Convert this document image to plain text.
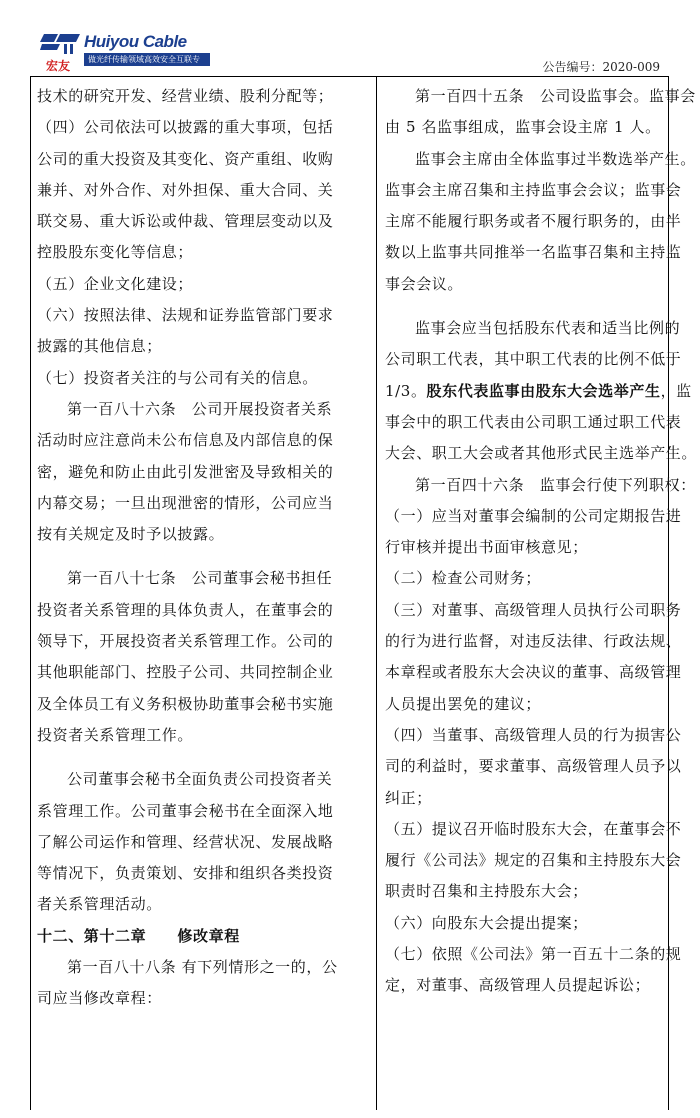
Huiyou Cable
宏友	做光纤传输领域高效安全互联专家	公告编号：2020-009
技术的研究开发、经营业绩、股利分配等；
（四）公司依法可以披露的重大事项，包括
公司的重大投资及其变化、资产重组、收购
兼并、对外合作、对外担保、重大合同、关
联交易、重大诉讼或仲裁、管理层变动以及
控股股东变化等信息；
（五）企业文化建设；
（六）按照法律、法规和证券监管部门要求
披露的其他信息；
（七）投资者关注的与公司有关的信息。
第一百八十六条　公司开展投资者关系
活动时应注意尚未公布信息及内部信息的保
密，避免和防止由此引发泄密及导致相关的
内幕交易；一旦出现泄密的情形，公司应当
按有关规定及时予以披露。
第一百八十七条　公司董事会秘书担任
投资者关系管理的具体负责人，在董事会的
领导下，开展投资者关系管理工作。公司的
其他职能部门、控股子公司、共同控制企业
及全体员工有义务积极协助董事会秘书实施
投资者关系管理工作。
公司董事会秘书全面负责公司投资者关
系管理工作。公司董事会秘书在全面深入地
了解公司运作和管理、经营状况、发展战略
等情况下，负责策划、安排和组织各类投资
者关系管理活动。
十二、第十二章　　修改章程
第一百八十八条 有下列情形之一的，公
司应当修改章程：
第一百四十五条　公司设监事会。监事会
由 5 名监事组成，监事会设主席 1 人。
监事会主席由全体监事过半数选举产生。
监事会主席召集和主持监事会会议；监事会
主席不能履行职务或者不履行职务的，由半
数以上监事共同推举一名监事召集和主持监
事会会议。
监事会应当包括股东代表和适当比例的
公司职工代表，其中职工代表的比例不低于
1/3。股东代表监事由股东大会选举产生，监
事会中的职工代表由公司职工通过职工代表
大会、职工大会或者其他形式民主选举产生。
第一百四十六条　监事会行使下列职权：
（一）应当对董事会编制的公司定期报告进
行审核并提出书面审核意见；
（二）检查公司财务；
（三）对董事、高级管理人员执行公司职务
的行为进行监督，对违反法律、行政法规、
本章程或者股东大会决议的董事、高级管理
人员提出罢免的建议；
（四）当董事、高级管理人员的行为损害公
司的利益时，要求董事、高级管理人员予以
纠正；
（五）提议召开临时股东大会，在董事会不
履行《公司法》规定的召集和主持股东大会
职责时召集和主持股东大会；
（六）向股东大会提出提案；
（七）依照《公司法》第一百五十二条的规
定，对董事、高级管理人员提起诉讼；
